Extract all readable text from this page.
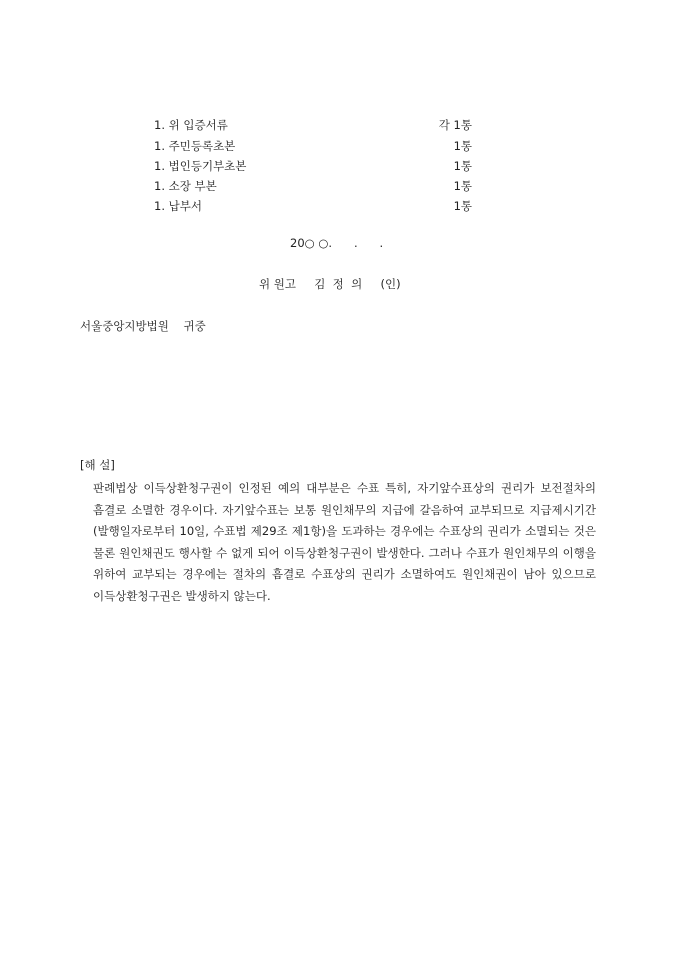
1. 위 입증서류	각 1통
1. 주민등록초본	1통
1. 법인등기부초본	1통
1. 소장 부본	1통
1. 납부서	1통
20○ ○.      .      .
위 원고     김  정  의     (인)
서울중앙지방법원    귀중
[해 설]
판례법상 이득상환청구권이 인정된 예의 대부분은 수표 특히, 자기앞수표상의 권리가 보전절차의 흠결로 소멸한 경우이다. 자기앞수표는 보통 원인채무의 지급에 갈음하여 교부되므로 지급제시기간(발행일자로부터 10일, 수표법 제29조 제1항)을 도과하는 경우에는 수표상의 권리가 소멸되는 것은 물론 원인채권도 행사할 수 없게 되어 이득상환청구권이 발생한다. 그러나 수표가 원인채무의 이행을 위하여 교부되는 경우에는 절차의 흠결로 수표상의 권리가 소멸하여도 원인채권이 남아 있으므로 이득상환청구권은 발생하지 않는다.
